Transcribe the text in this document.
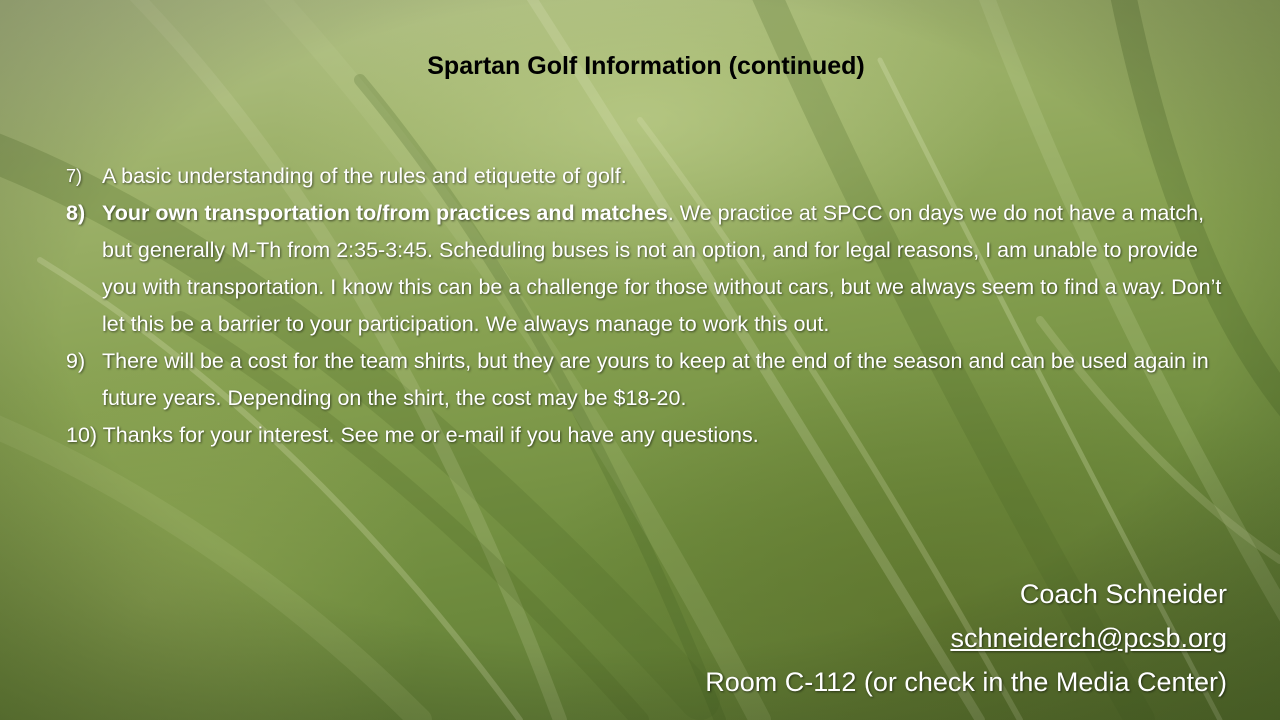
Spartan Golf Information (continued)
7) A basic understanding of the rules and etiquette of golf.
8) Your own transportation to/from practices and matches. We practice at SPCC on days we do not have a match, but generally M-Th from 2:35-3:45. Scheduling buses is not an option, and for legal reasons, I am unable to provide you with transportation. I know this can be a challenge for those without cars, but we always seem to find a way. Don’t let this be a barrier to your participation. We always manage to work this out.
9) There will be a cost for the team shirts, but they are yours to keep at the end of the season and can be used again in future years. Depending on the shirt, the cost may be $18-20.
10) Thanks for your interest. See me or e-mail if you have any questions.
Coach Schneider
schneiderch@pcsb.org
Room C-112 (or check in the Media Center)
